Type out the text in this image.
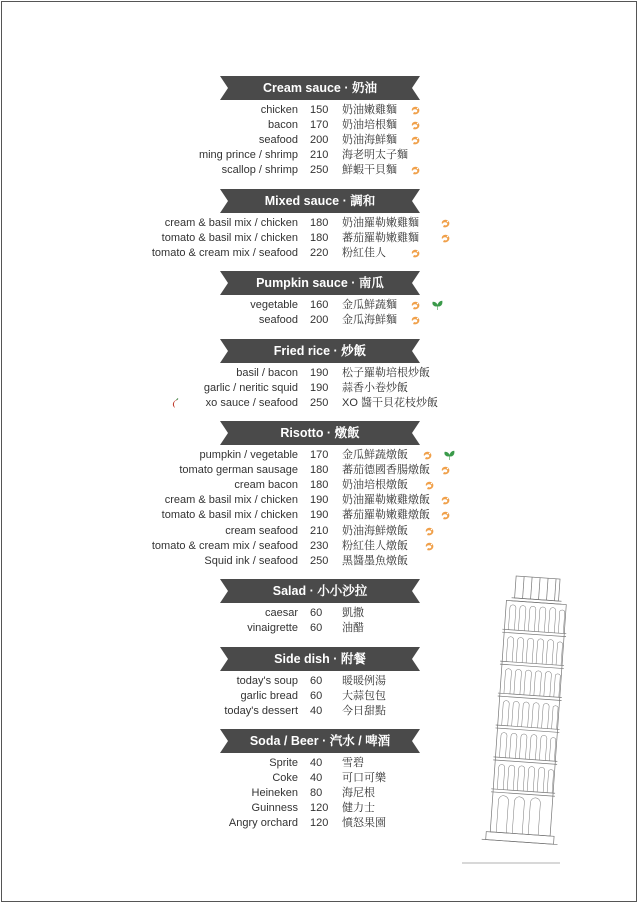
Cream sauce · 奶油
chicken 150 奶油嫩雞麵
bacon 170 奶油培根麵
seafood 200 奶油海鮮麵
ming prince / shrimp 210 海老明太子麵
scallop / shrimp 250 鮮蝦干貝麵
Mixed sauce · 調和
cream & basil mix / chicken 180 奶油羅勒嫩雞麵
tomato & basil mix / chicken 180 蕃茄羅勒嫩雞麵
tomato & cream mix / seafood 220 粉紅佳人
Pumpkin sauce · 南瓜
vegetable 160 金瓜鮮蔬麵
seafood 200 金瓜海鮮麵
Fried rice · 炒飯
basil / bacon 190 松子羅勒培根炒飯
garlic / neritic squid 190 蒜香小卷炒飯
xo sauce / seafood 250 XO 醬干貝花枝炒飯
Risotto · 燉飯
pumpkin / vegetable 170 金瓜鮮蔬燉飯
tomato german sausage 180 蕃茄德國香腸燉飯
cream bacon 180 奶油培根燉飯
cream & basil mix / chicken 190 奶油羅勒嫩雞燉飯
tomato & basil mix / chicken 190 蕃茄羅勒嫩雞燉飯
cream seafood 210 奶油海鮮燉飯
tomato & cream mix / seafood 230 粉紅佳人燉飯
Squid ink / seafood 250 黑醬墨魚燉飯
Salad · 小小沙拉
caesar 60 凱撒
vinaigrette 60 油醋
Side dish · 附餐
today's soup 60 暖暖例湯
garlic bread 60 大蒜包包
today's dessert 40 今日甜點
Soda / Beer · 汽水 / 啤酒
Sprite 40 雪碧
Coke 40 可口可樂
Heineken 80 海尼根
Guinness 120 健力士
Angry orchard 120 憤怒果園
